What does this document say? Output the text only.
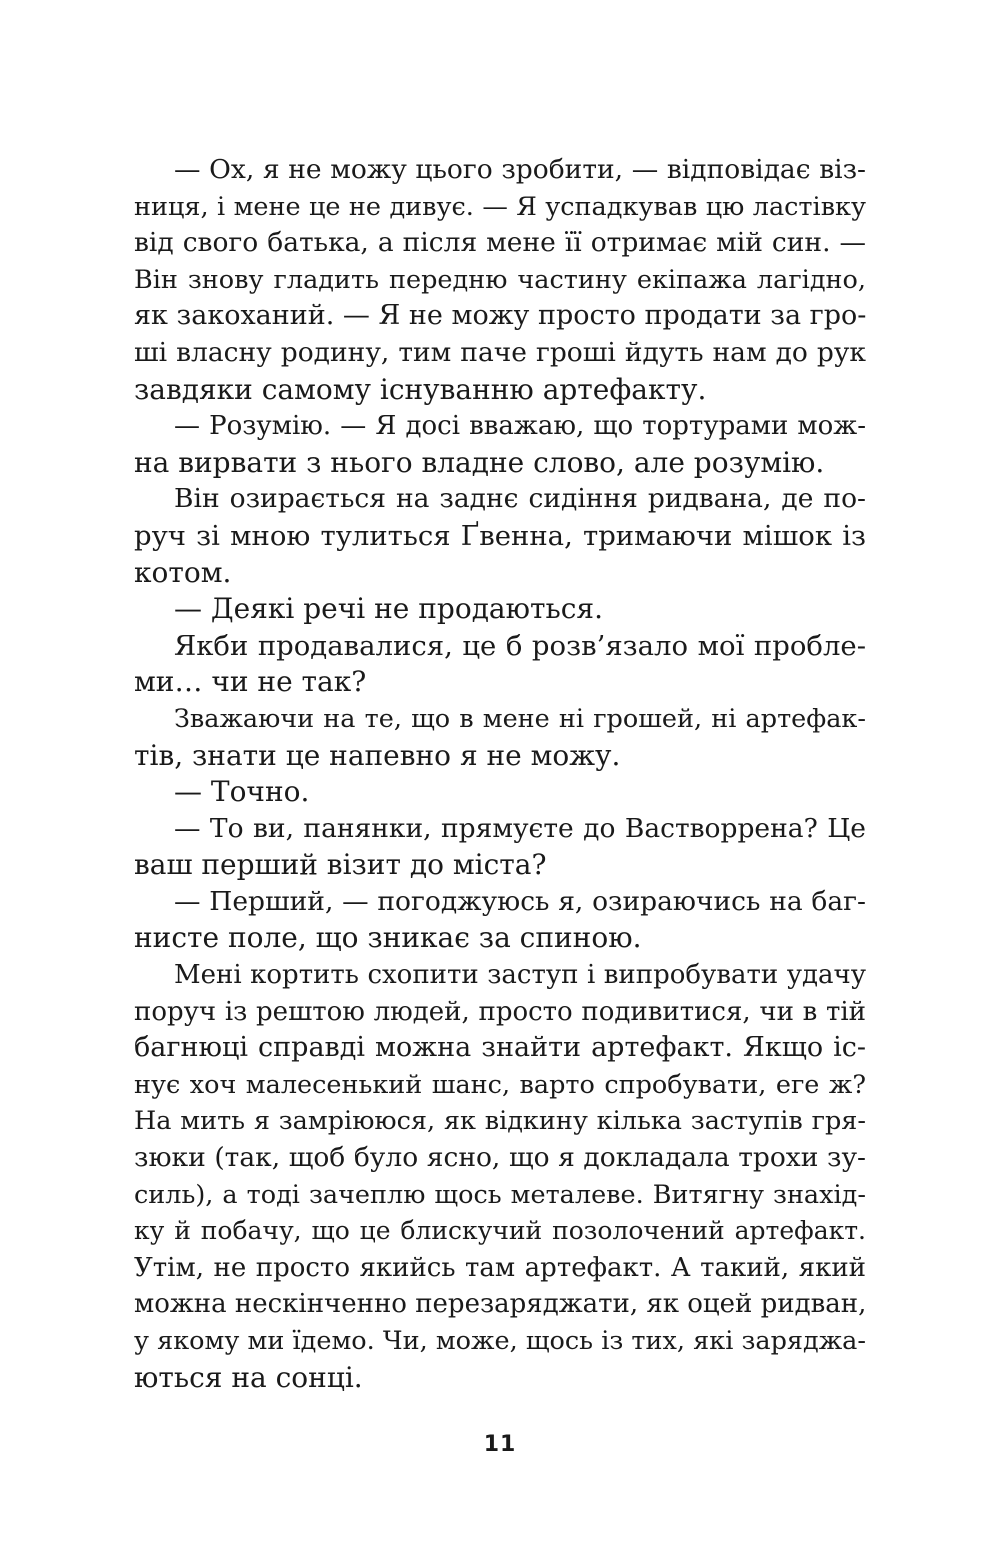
— Ох, я не можу цього зробити, — відповідає віз-
ниця, і мене це не дивує. — Я успадкував цю ластівку
від свого батька, а після мене її отримає мій син. —
Він знову гладить передню частину екіпажа лагідно,
як закоханий. — Я не можу просто продати за гро-
ші власну родину, тим паче гроші йдуть нам до рук
завдяки самому існуванню артефакту.
— Розумію. — Я досі вважаю, що тортурами мож-
на вирвати з нього владне слово, але розумію.
Він озирається на заднє сидіння ридвана, де по-
руч зі мною тулиться Ґвенна, тримаючи мішок із
котом.
— Деякі речі не продаються.
Якби продавалися, це б розв’язало мої пробле-
ми… чи не так?
Зважаючи на те, що в мене ні грошей, ні артефак-
тів, знати це напевно я не можу.
— Точно.
— То ви, панянки, прямуєте до Вастворрена? Це
ваш перший візит до міста?
— Перший, — погоджуюсь я, озираючись на баг-
нисте поле, що зникає за спиною.
Мені кортить схопити заступ і випробувати удачу
поруч із рештою людей, просто подивитися, чи в тій
багнюці справді можна знайти артефакт. Якщо іс-
нує хоч малесенький шанс, варто спробувати, еге ж?
На мить я замріююся, як відкину кілька заступів гря-
зюки (так, щоб було ясно, що я докладала трохи зу-
силь), а тоді зачеплю щось металеве. Витягну знахід-
ку й побачу, що це блискучий позолочений артефакт.
Утім, не просто якийсь там артефакт. А такий, який
можна нескінченно перезаряджати, як оцей ридван,
у якому ми їдемо. Чи, може, щось із тих, які заряджа-
ються на сонці.
11
